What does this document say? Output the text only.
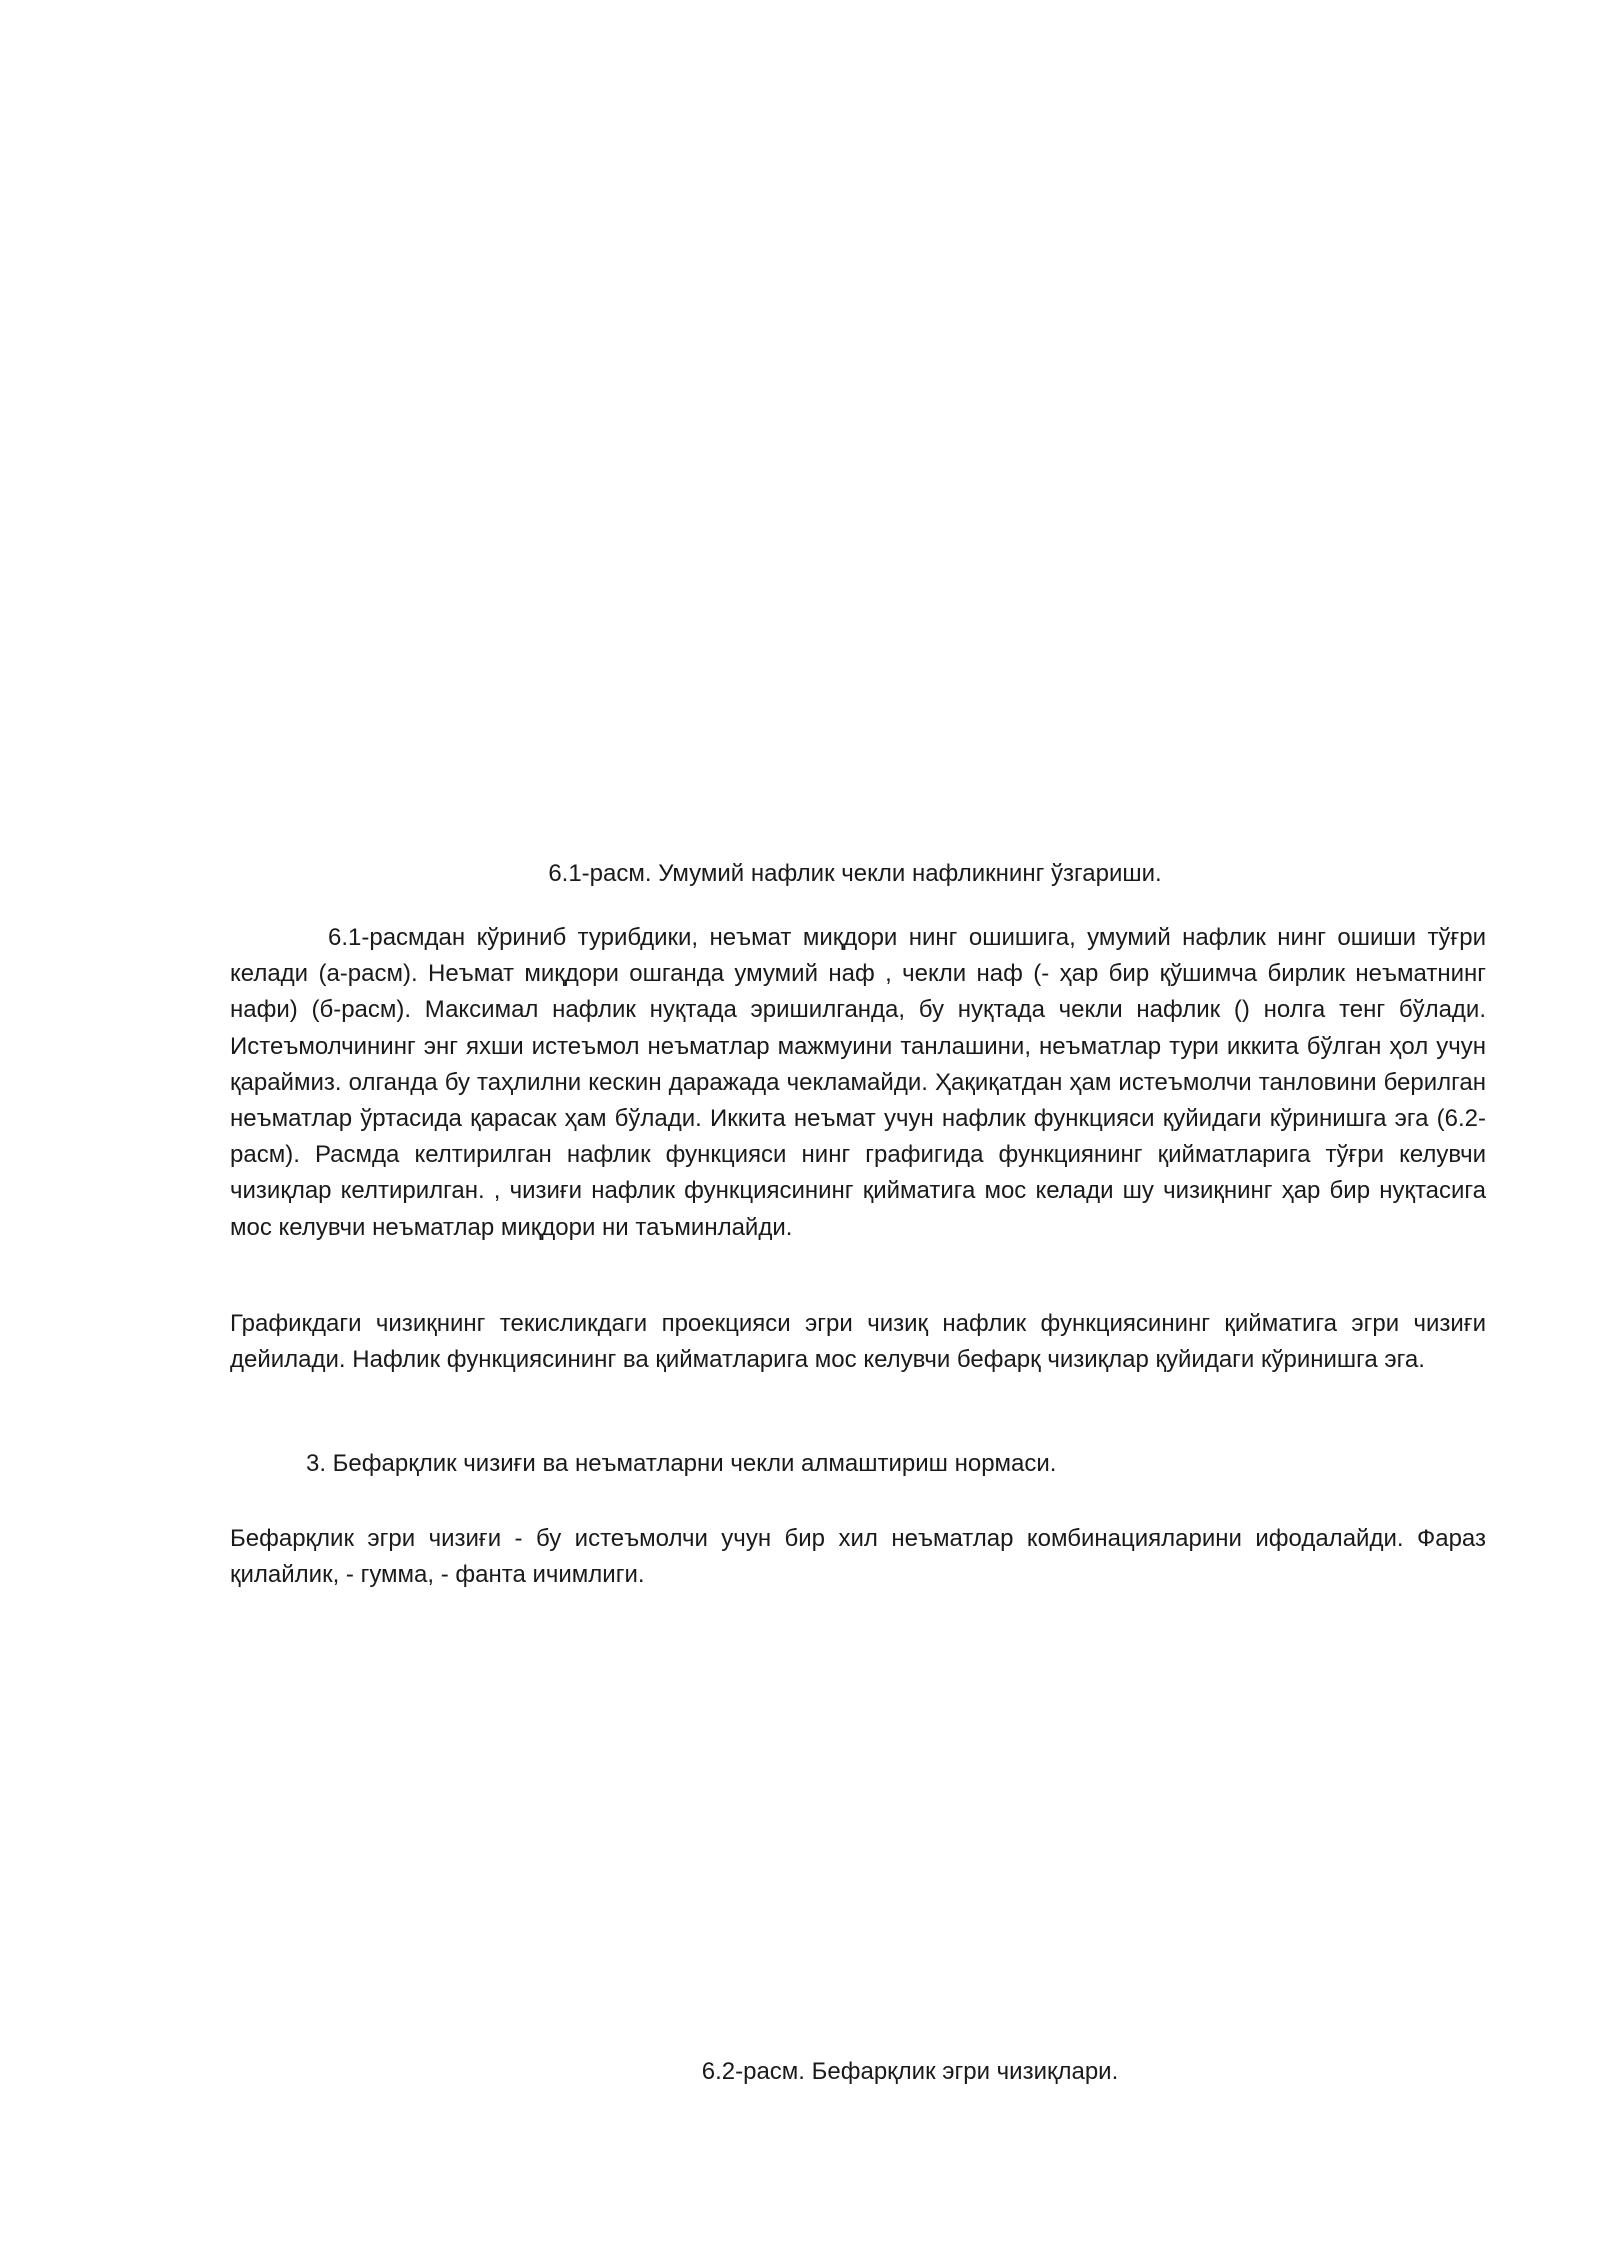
6.1-расм. Умумий нафлик чекли нафликнинг ўзгариши.

6.1-расмдан кўриниб турибдики, неъмат миқдори нинг ошишига, умумий нафлик нинг ошиши тўғри келади (а-расм). Неъмат миқдори ошганда умумий наф , чекли наф (- ҳар бир қўшимча бирлик неъматнинг нафи) (б-расм). Максимал нафлик нуқтада эришилганда, бу нуқтада чекли нафлик () нолга тенг бўлади. Истеъмолчининг энг яхши истеъмол неъматлар мажмуини танлашини, неъматлар тури иккита бўлган ҳол учун қараймиз. олганда бу таҳлилни кескин даражада чекламайди. Ҳақиқатдан ҳам истеъмолчи танловини берилган неъматлар ўртасида қарасак ҳам бўлади. Иккита неъмат учун нафлик функцияси қуйидаги кўринишга эга (6.2-расм). Расмда келтирилган нафлик функцияси нинг графигида функциянинг қийматларига тўғри келувчи чизиқлар келтирилган. , чизиғи нафлик функциясининг қийматига мос келади шу чизиқнинг ҳар бир нуқтасига мос келувчи неъматлар миқдори ни таъминлайди.

Графикдаги чизиқнинг текисликдаги проекцияси эгри чизиқ нафлик функциясининг қийматига эгри чизиғи дейилади. Нафлик функциясининг ва қийматларига мос келувчи бефарқ чизиқлар қуйидаги кўринишга эга.

3. Бефарқлик чизиғи ва неъматларни чекли алмаштириш нормаси.

Бефарқлик эгри чизиғи - бу истеъмолчи учун бир хил неъматлар комбинацияларини ифодалайди. Фараз қилайлик, - гумма, - фанта ичимлиги.

6.2-расм. Бефарқлик эгри чизиқлари.
